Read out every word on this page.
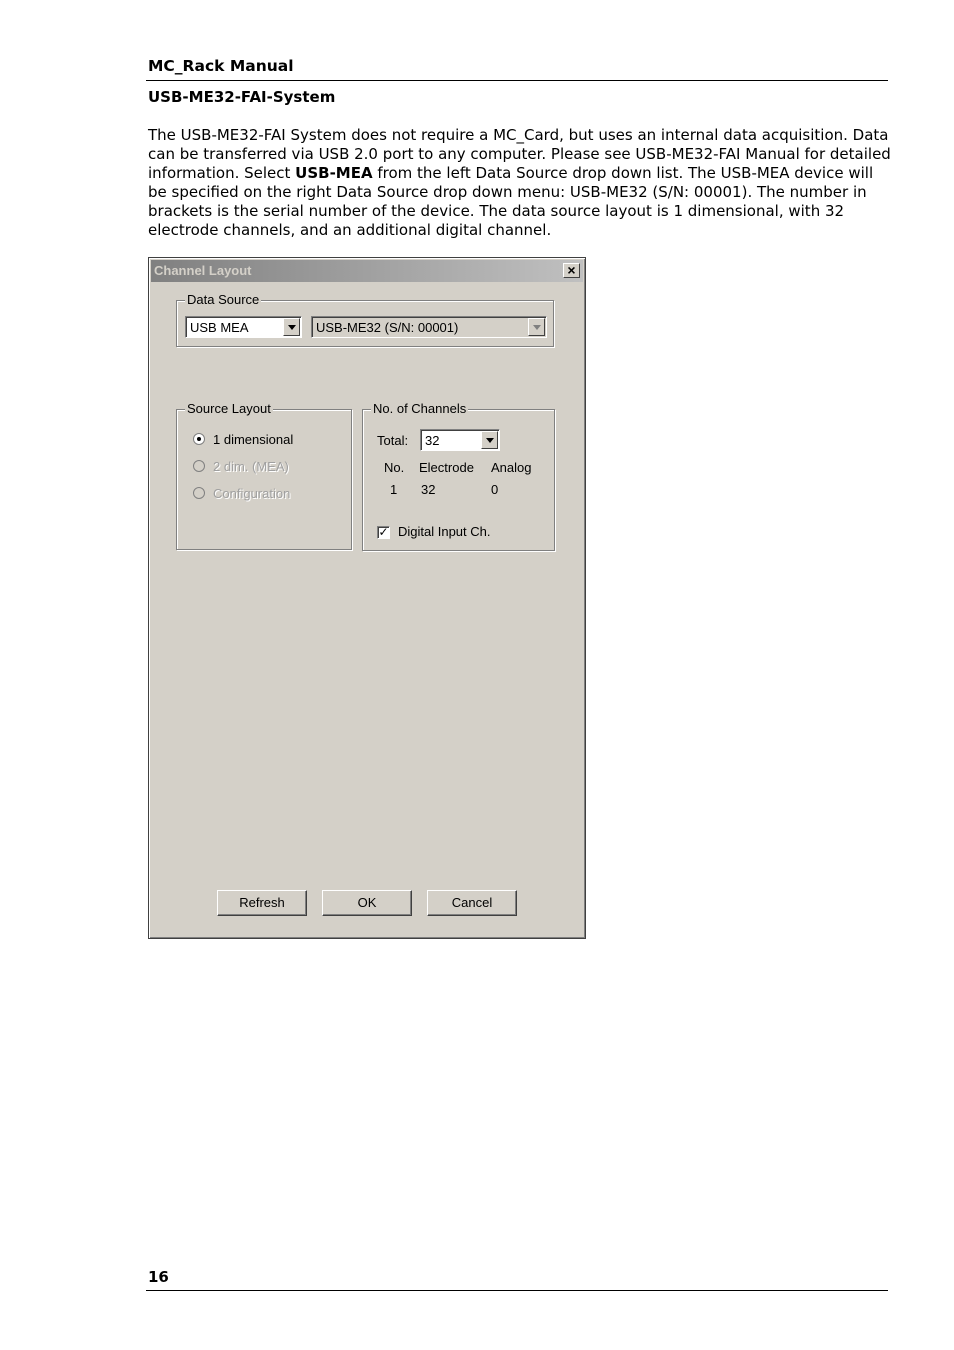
MC_Rack Manual
USB-ME32-FAI-System

The USB-ME32-FAI System does not require a MC_Card, but uses an internal data acquisition. Data can be transferred via USB 2.0 port to any computer. Please see USB-ME32-FAI Manual for detailed information. Select USB-MEA from the left Data Source drop down list. The USB-MEA device will be specified on the right Data Source drop down menu: USB-ME32 (S/N: 00001). The number in brackets is the serial number of the device. The data source layout is 1 dimensional, with 32 electrode channels, and an additional digital channel.

Channel Layout	×
Data Source
USB MEA	USB-ME32 (S/N: 00001)
Source Layout
1 dimensional
2 dim. (MEA)
Configuration
No. of Channels
Total: 32
No. Electrode Analog
1 32	0
✓ Digital Input Ch.
Refresh	OK	Cancel
16
